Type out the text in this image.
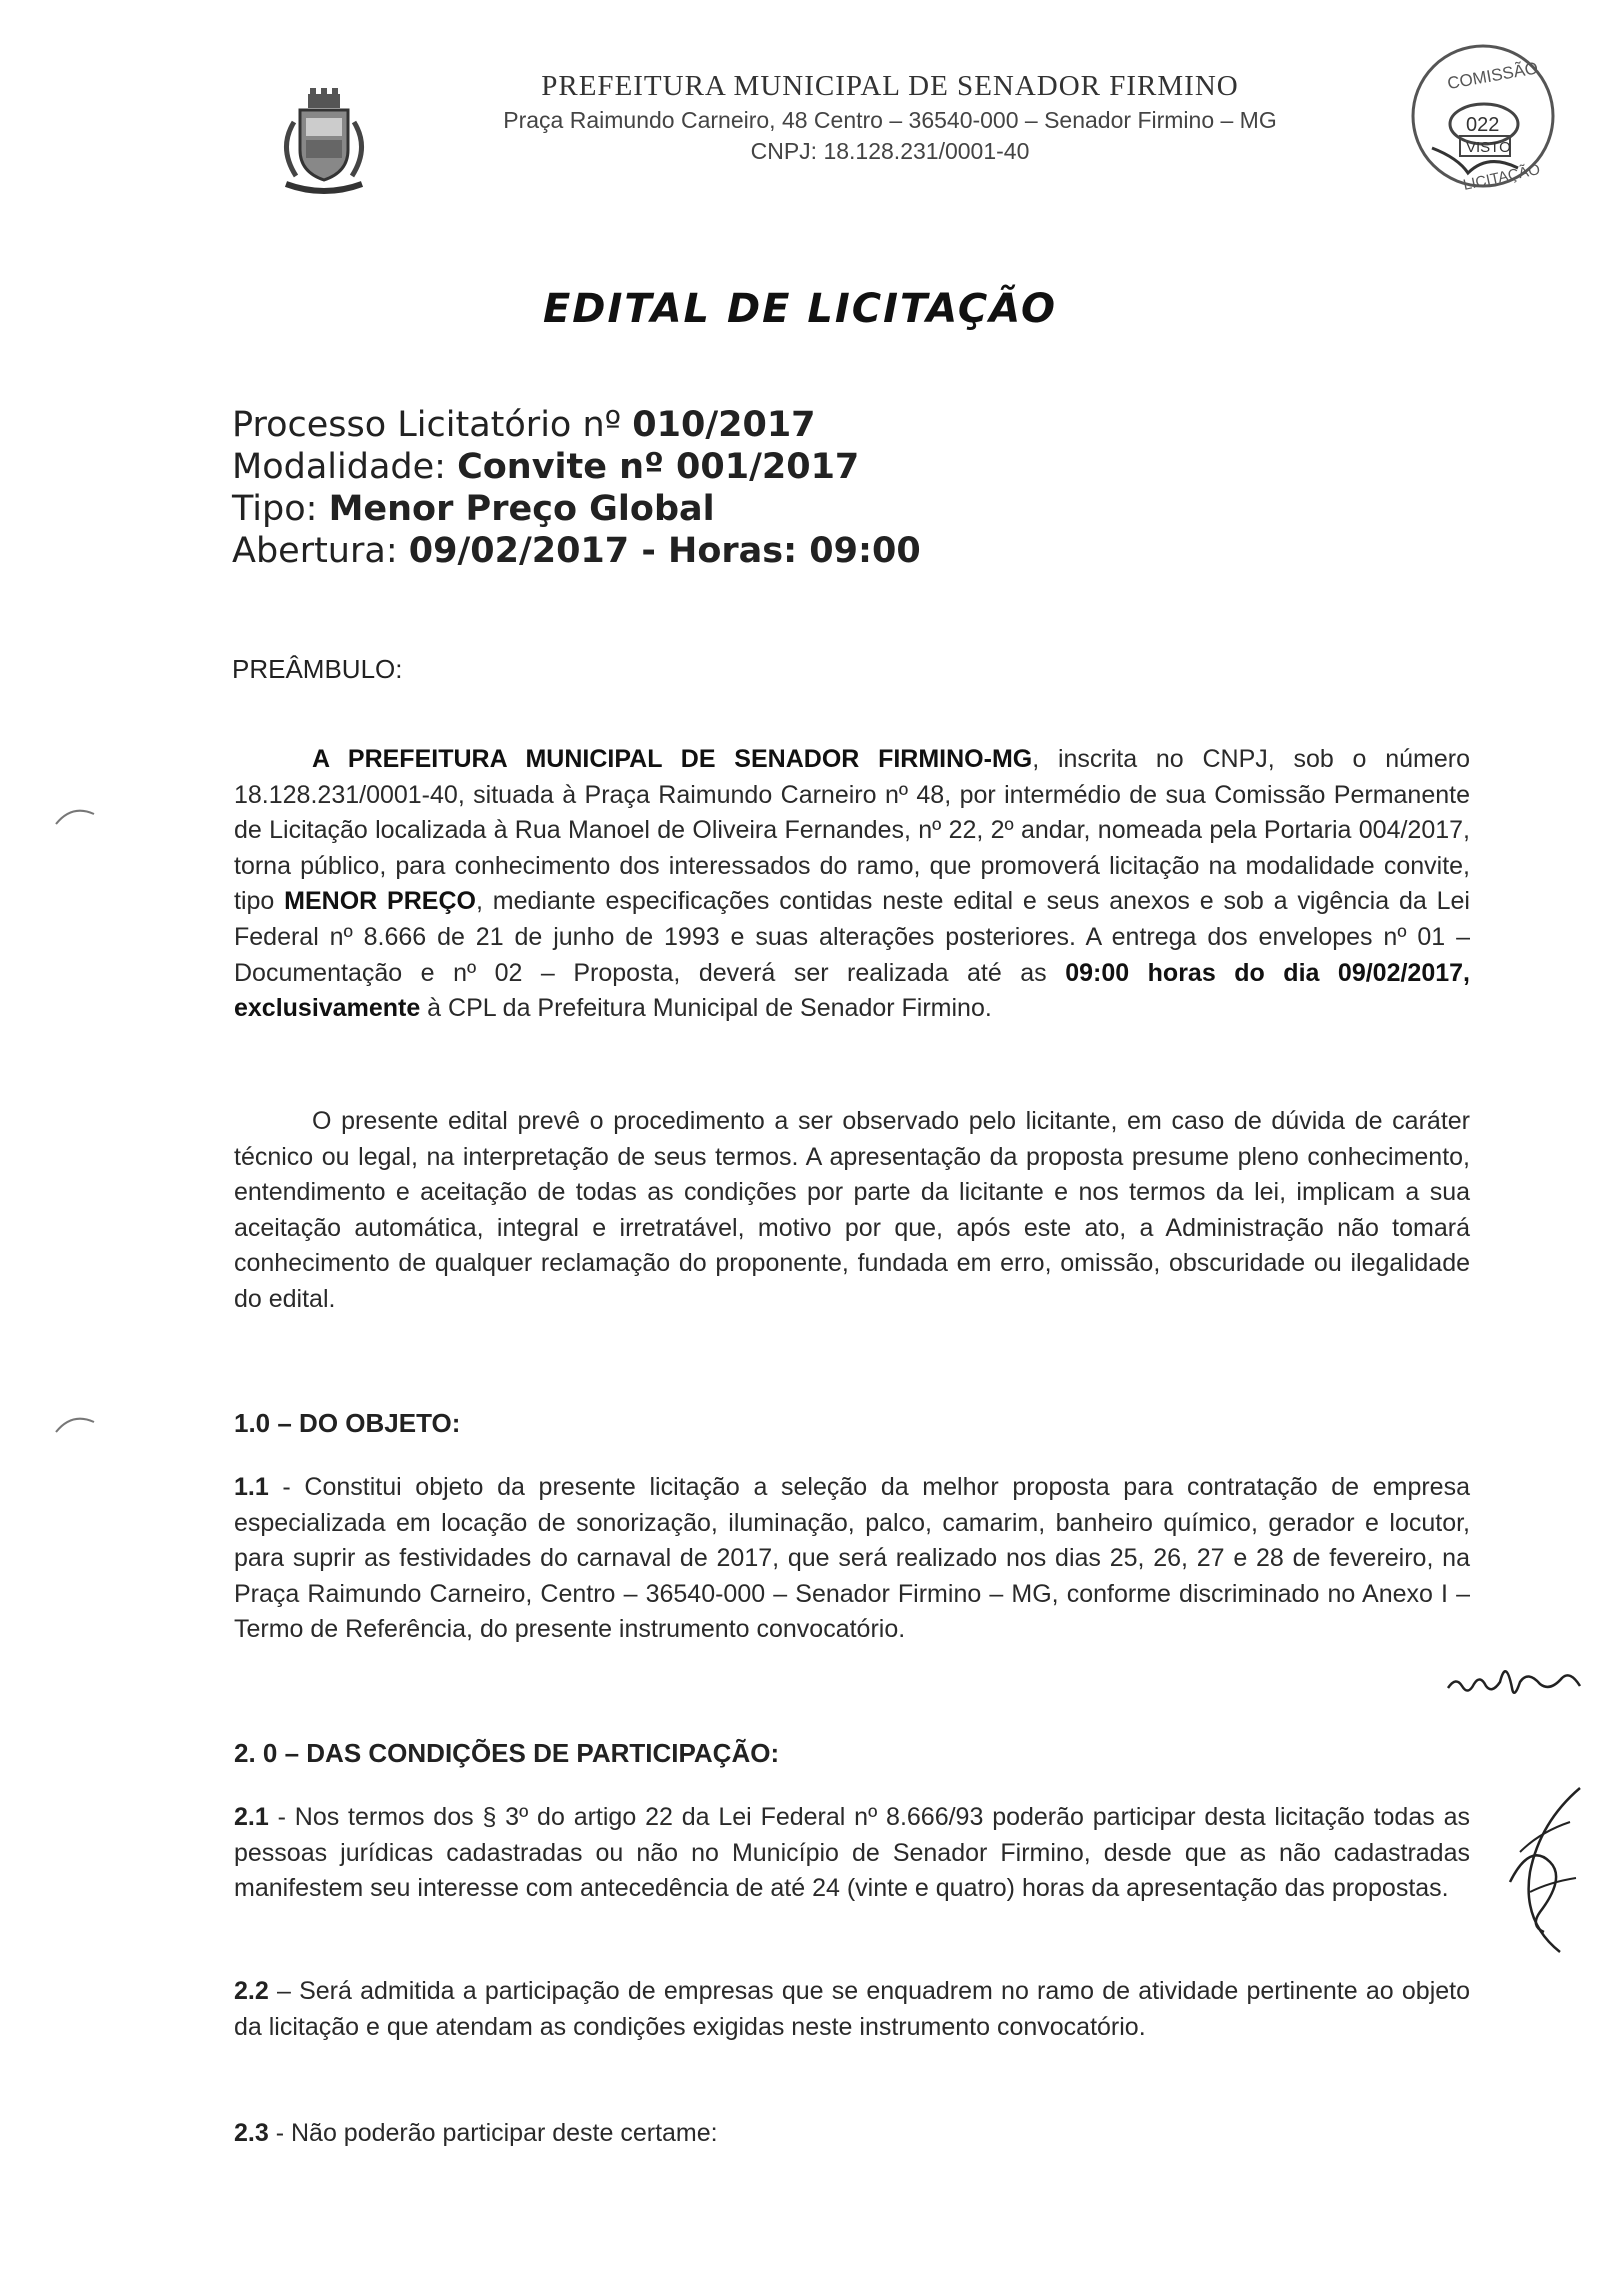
PREFEITURA MUNICIPAL DE SENADOR FIRMINO
Praça Raimundo Carneiro, 48 Centro – 36540-000 – Senador Firmino – MG
CNPJ: 18.128.231/0001-40
COMISSÃO
022
VISTO
LICITAÇÃO
EDITAL DE LICITAÇÃO
Processo Licitatório nº 010/2017
Modalidade: Convite nº 001/2017
Tipo: Menor Preço Global
Abertura: 09/02/2017 - Horas: 09:00
PREÂMBULO:
A PREFEITURA MUNICIPAL DE SENADOR FIRMINO-MG, inscrita no CNPJ, sob o número 18.128.231/0001-40, situada à Praça Raimundo Carneiro nº 48, por intermédio de sua Comissão Permanente de Licitação localizada à Rua Manoel de Oliveira Fernandes, nº 22, 2º andar, nomeada pela Portaria 004/2017, torna público, para conhecimento dos interessados do ramo, que promoverá licitação na modalidade convite, tipo MENOR PREÇO, mediante especificações contidas neste edital e seus anexos e sob a vigência da Lei Federal nº 8.666 de 21 de junho de 1993 e suas alterações posteriores. A entrega dos envelopes nº 01 – Documentação e nº 02 – Proposta, deverá ser realizada até as 09:00 horas do dia 09/02/2017, exclusivamente à CPL da Prefeitura Municipal de Senador Firmino.
O presente edital prevê o procedimento a ser observado pelo licitante, em caso de dúvida de caráter técnico ou legal, na interpretação de seus termos. A apresentação da proposta presume pleno conhecimento, entendimento e aceitação de todas as condições por parte da licitante e nos termos da lei, implicam a sua aceitação automática, integral e irretratável, motivo por que, após este ato, a Administração não tomará conhecimento de qualquer reclamação do proponente, fundada em erro, omissão, obscuridade ou ilegalidade do edital.
1.0 – DO OBJETO:
1.1 - Constitui objeto da presente licitação a seleção da melhor proposta para contratação de empresa especializada em locação de sonorização, iluminação, palco, camarim, banheiro químico, gerador e locutor, para suprir as festividades do carnaval de 2017, que será realizado nos dias 25, 26, 27 e 28 de fevereiro, na Praça Raimundo Carneiro, Centro – 36540-000 – Senador Firmino – MG, conforme discriminado no Anexo I – Termo de Referência, do presente instrumento convocatório.
2. 0 – DAS CONDIÇÕES DE PARTICIPAÇÃO:
2.1 - Nos termos dos § 3º do artigo 22 da Lei Federal nº 8.666/93 poderão participar desta licitação todas as pessoas jurídicas cadastradas ou não no Município de Senador Firmino, desde que as não cadastradas manifestem seu interesse com antecedência de até 24 (vinte e quatro) horas da apresentação das propostas.
2.2 – Será admitida a participação de empresas que se enquadrem no ramo de atividade pertinente ao objeto da licitação e que atendam as condições exigidas neste instrumento convocatório.
2.3 - Não poderão participar deste certame:
